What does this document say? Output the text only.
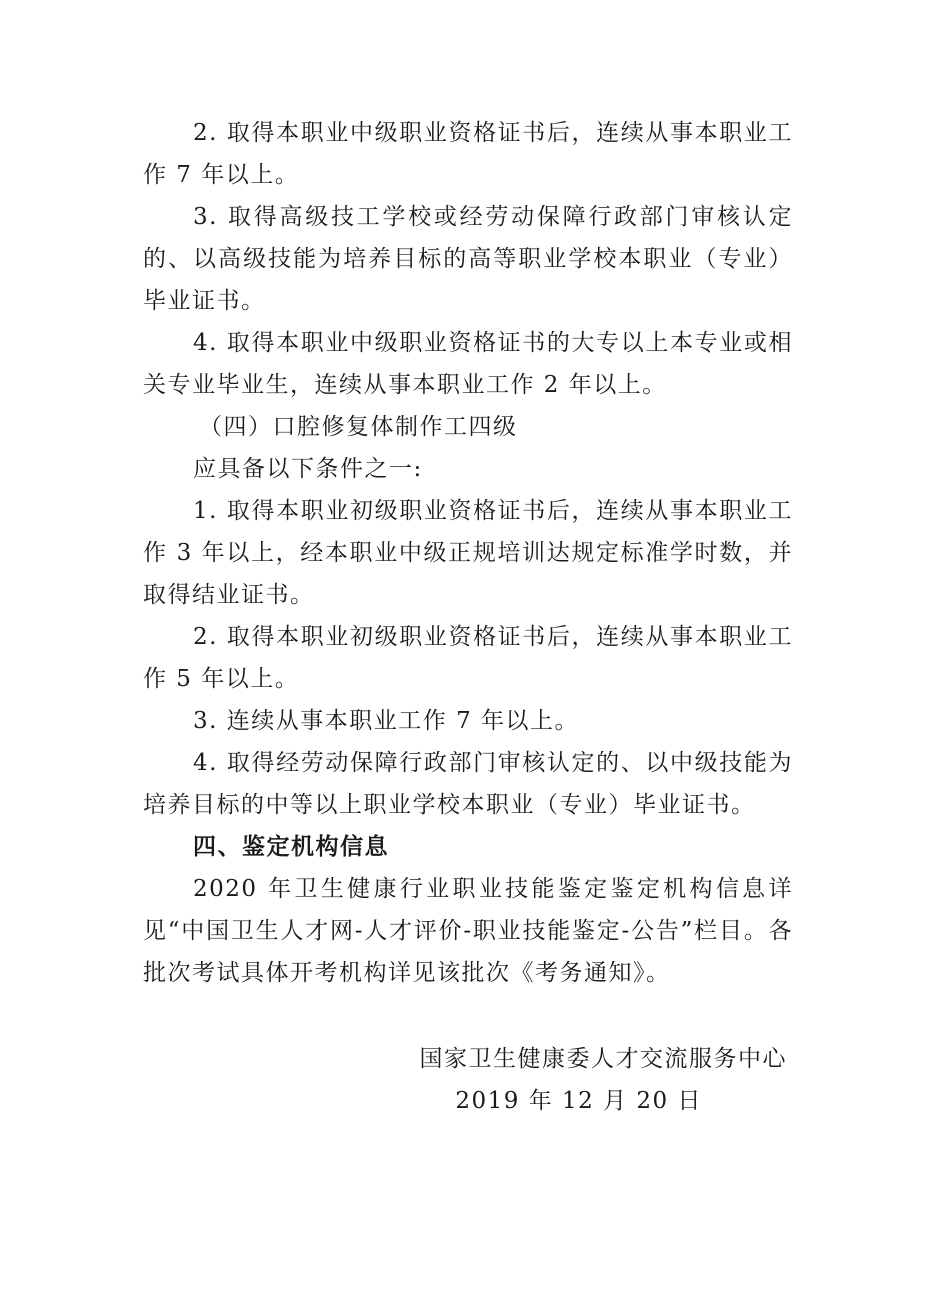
2. 取得本职业中级职业资格证书后，连续从事本职业工作 7 年以上。

3. 取得高级技工学校或经劳动保障行政部门审核认定的、以高级技能为培养目标的高等职业学校本职业（专业）毕业证书。

4. 取得本职业中级职业资格证书的大专以上本专业或相关专业毕业生，连续从事本职业工作 2 年以上。

（四）口腔修复体制作工四级

应具备以下条件之一:

1. 取得本职业初级职业资格证书后，连续从事本职业工作 3 年以上，经本职业中级正规培训达规定标准学时数，并取得结业证书。

2. 取得本职业初级职业资格证书后，连续从事本职业工作 5 年以上。

3. 连续从事本职业工作 7 年以上。

4. 取得经劳动保障行政部门审核认定的、以中级技能为培养目标的中等以上职业学校本职业（专业）毕业证书。

四、鉴定机构信息

2020 年卫生健康行业职业技能鉴定鉴定机构信息详见“中国卫生人才网-人才评价-职业技能鉴定-公告”栏目。各批次考试具体开考机构详见该批次《考务通知》。

国家卫生健康委人才交流服务中心

2019 年 12 月 20 日
